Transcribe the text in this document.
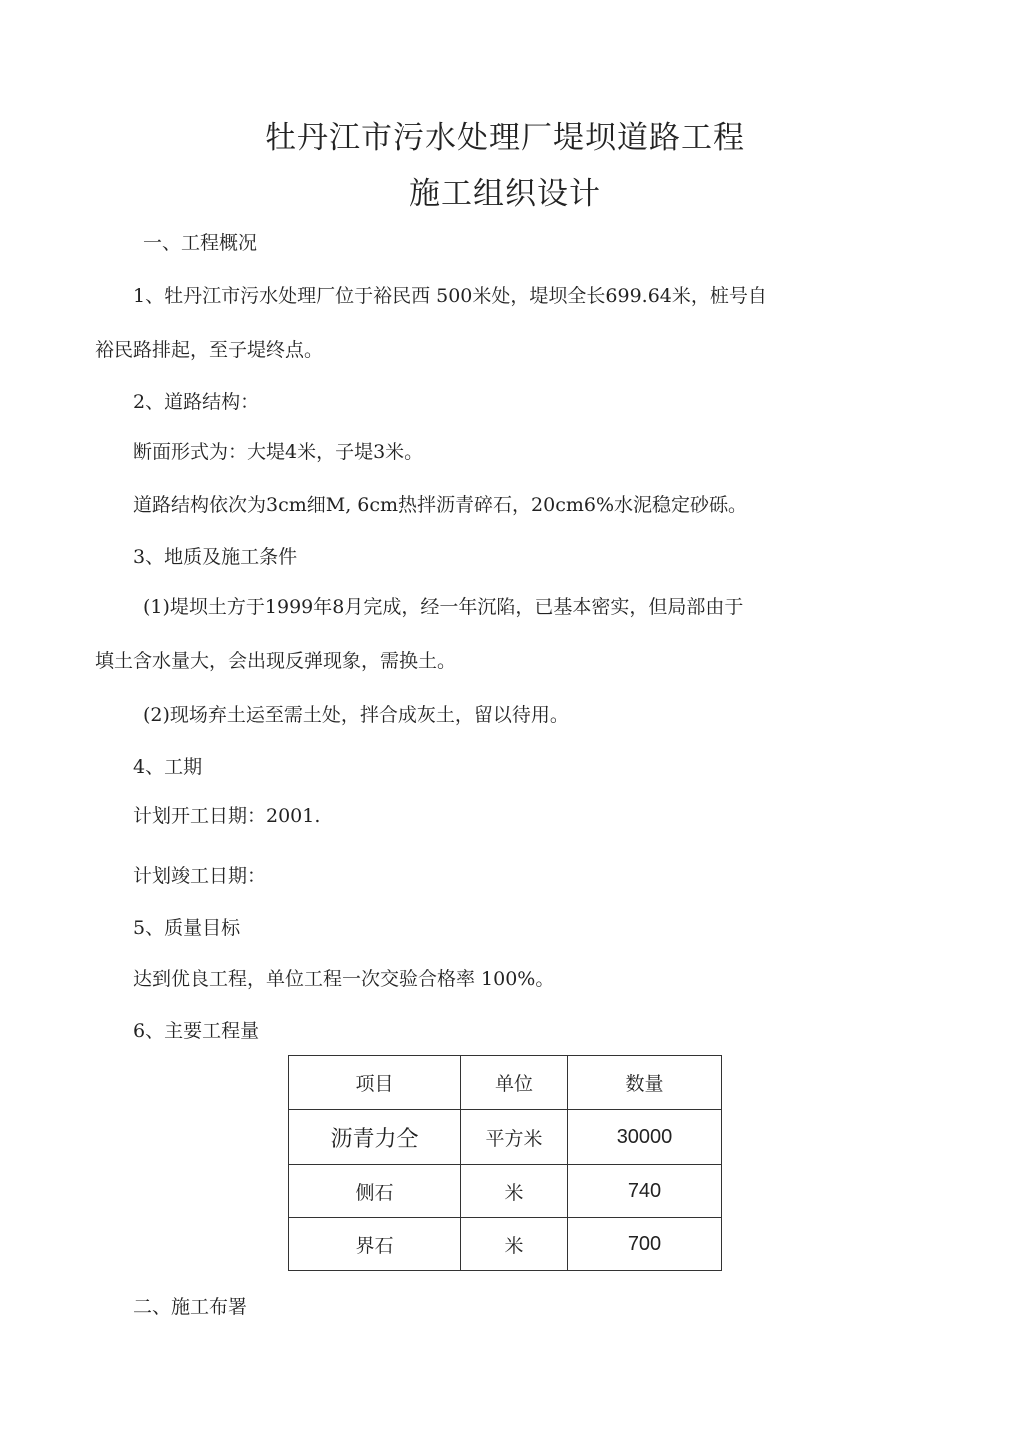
牡丹江市污水处理厂堤坝道路工程
施工组织设计

一、工程概况

1、牡丹江市污水处理厂位于裕民西 500米处，堤坝全长699.64米，桩号自

裕民路排起，至子堤终点。

2、道路结构：

断面形式为：大堤4米，子堤3米。

道路结构依次为3cm细M, 6cm热拌沥青碎石，20cm6%水泥稳定砂砾。

3、地质及施工条件

(1)堤坝土方于1999年8月完成，经一年沉陷，已基本密实，但局部由于

填土含水量大，会出现反弹现象，需换土。

(2)现场弃土运至需土处，拌合成灰土，留以待用。

4、工期

计划开工日期：2001.

计划竣工日期：

5、质量目标

达到优良工程，单位工程一次交验合格率 100%。

6、主要工程量

项目	单位	数量
沥青力仝	平方米	30000
侧石	米	740
界石	米	700

二、施工布署
